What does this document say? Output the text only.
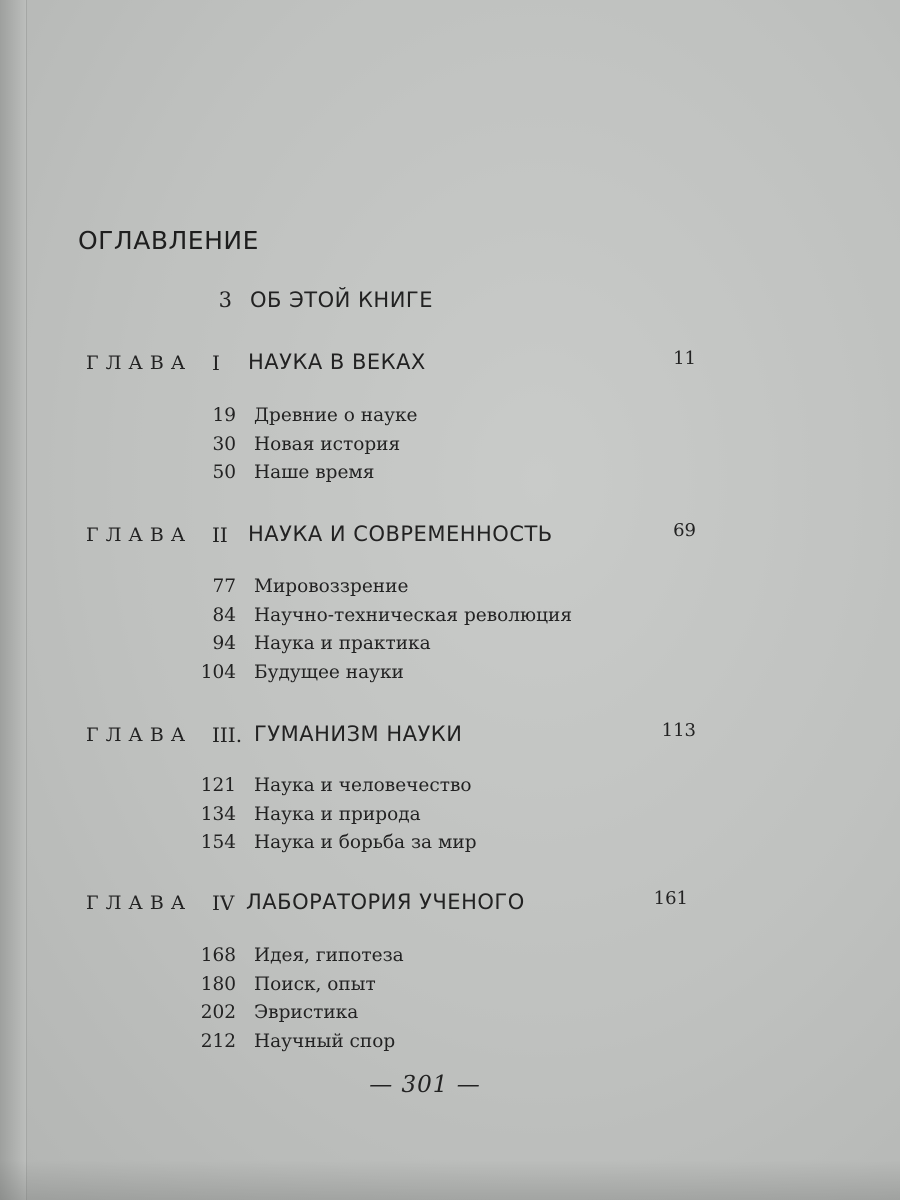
ОГЛАВЛЕНИЕ
3 ОБ ЭТОЙ КНИГЕ
ГЛАВА I НАУКА В ВЕКАХ	11
19 Древние о науке
30 Новая история
50 Наше время
ГЛАВА II НАУКА И СОВРЕМЕННОСТЬ	69
77 Мировоззрение
84 Научно-техническая революция
94 Наука и практика
104 Будущее науки
ГЛАВА III. ГУМАНИЗМ НАУКИ	113
121 Наука и человечество
134 Наука и природа
154 Наука и борьба за мир
ГЛАВА IV ЛАБОРАТОРИЯ УЧЕНОГО	161
168 Идея, гипотеза
180 Поиск, опыт
202 Эвристика
212 Научный спор
— 301 —
